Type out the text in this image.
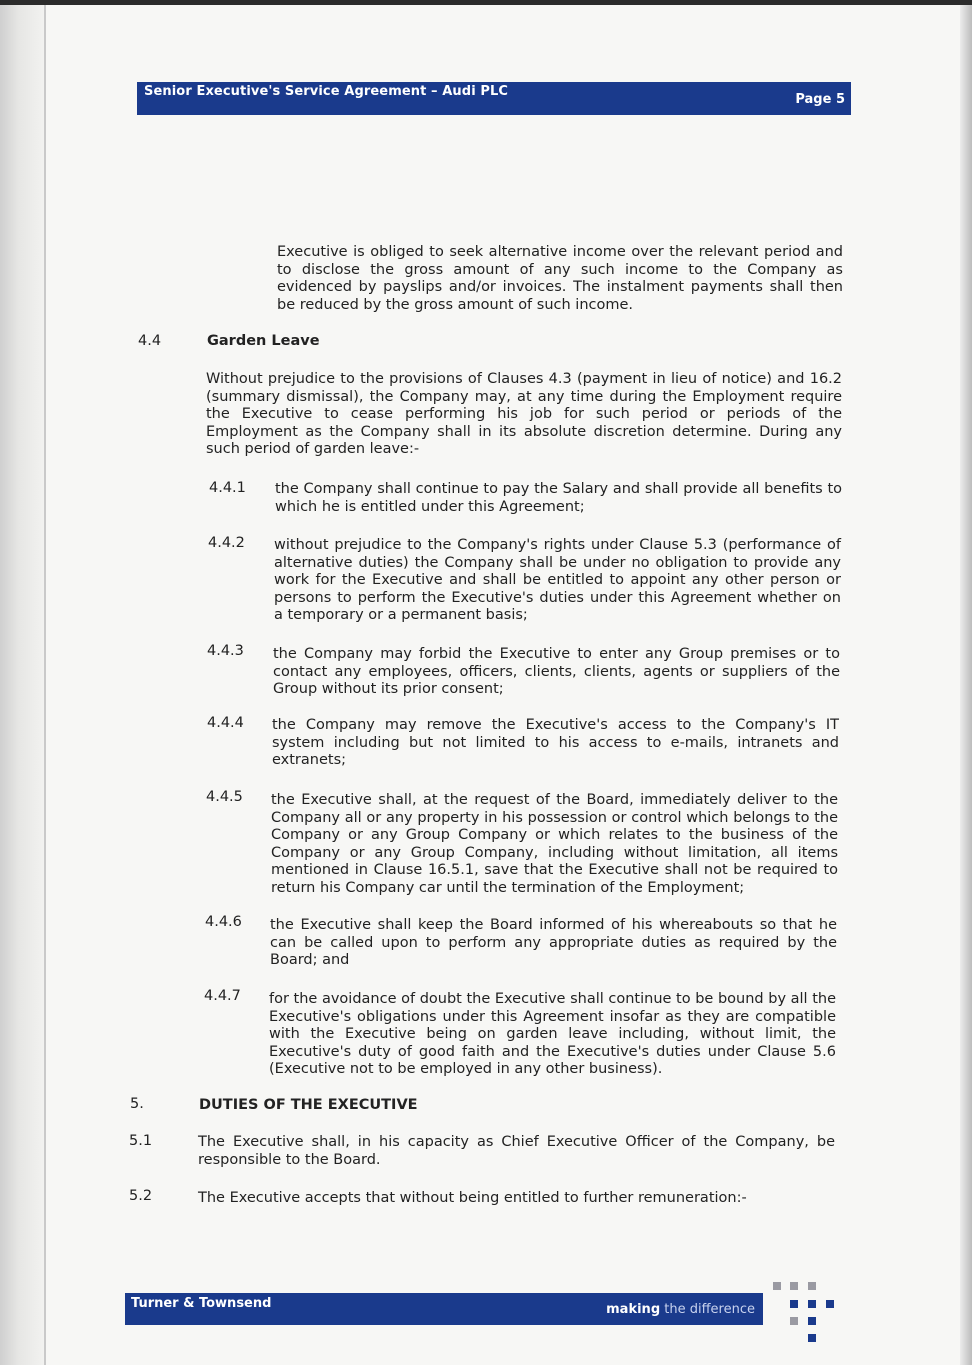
Senior Executive's Service Agreement – Audi PLC
Page 5

Executive is obliged to seek alternative income over the relevant period and to disclose the gross amount of any such income to the Company as evidenced by payslips and/or invoices. The instalment payments shall then be reduced by the gross amount of such income.

4.4	Garden Leave

Without prejudice to the provisions of Clauses 4.3 (payment in lieu of notice) and 16.2 (summary dismissal), the Company may, at any time during the Employment require the Executive to cease performing his job for such period or periods of the Employment as the Company shall in its absolute discretion determine. During any such period of garden leave:-

4.4.1 the Company shall continue to pay the Salary and shall provide all benefits to which he is entitled under this Agreement;

4.4.2 without prejudice to the Company's rights under Clause 5.3 (performance of alternative duties) the Company shall be under no obligation to provide any work for the Executive and shall be entitled to appoint any other person or persons to perform the Executive's duties under this Agreement whether on a temporary or a permanent basis;

4.4.3 the Company may forbid the Executive to enter any Group premises or to contact any employees, officers, clients, clients, agents or suppliers of the Group without its prior consent;

4.4.4 the Company may remove the Executive's access to the Company's IT system including but not limited to his access to e-mails, intranets and extranets;

4.4.5 the Executive shall, at the request of the Board, immediately deliver to the Company all or any property in his possession or control which belongs to the Company or any Group Company or which relates to the business of the Company or any Group Company, including without limitation, all items mentioned in Clause 16.5.1, save that the Executive shall not be required to return his Company car until the termination of the Employment;

4.4.6 the Executive shall keep the Board informed of his whereabouts so that he can be called upon to perform any appropriate duties as required by the Board; and

4.4.7 for the avoidance of doubt the Executive shall continue to be bound by all the Executive's obligations under this Agreement insofar as they are compatible with the Executive being on garden leave including, without limit, the Executive's duty of good faith and the Executive's duties under Clause 5.6 (Executive not to be employed in any other business).

5.	DUTIES OF THE EXECUTIVE
5.1	The Executive shall, in his capacity as Chief Executive Officer of the Company, be responsible to the Board.

5.2	The Executive accepts that without being entitled to further remuneration:-

Turner & Townsend	making the difference
